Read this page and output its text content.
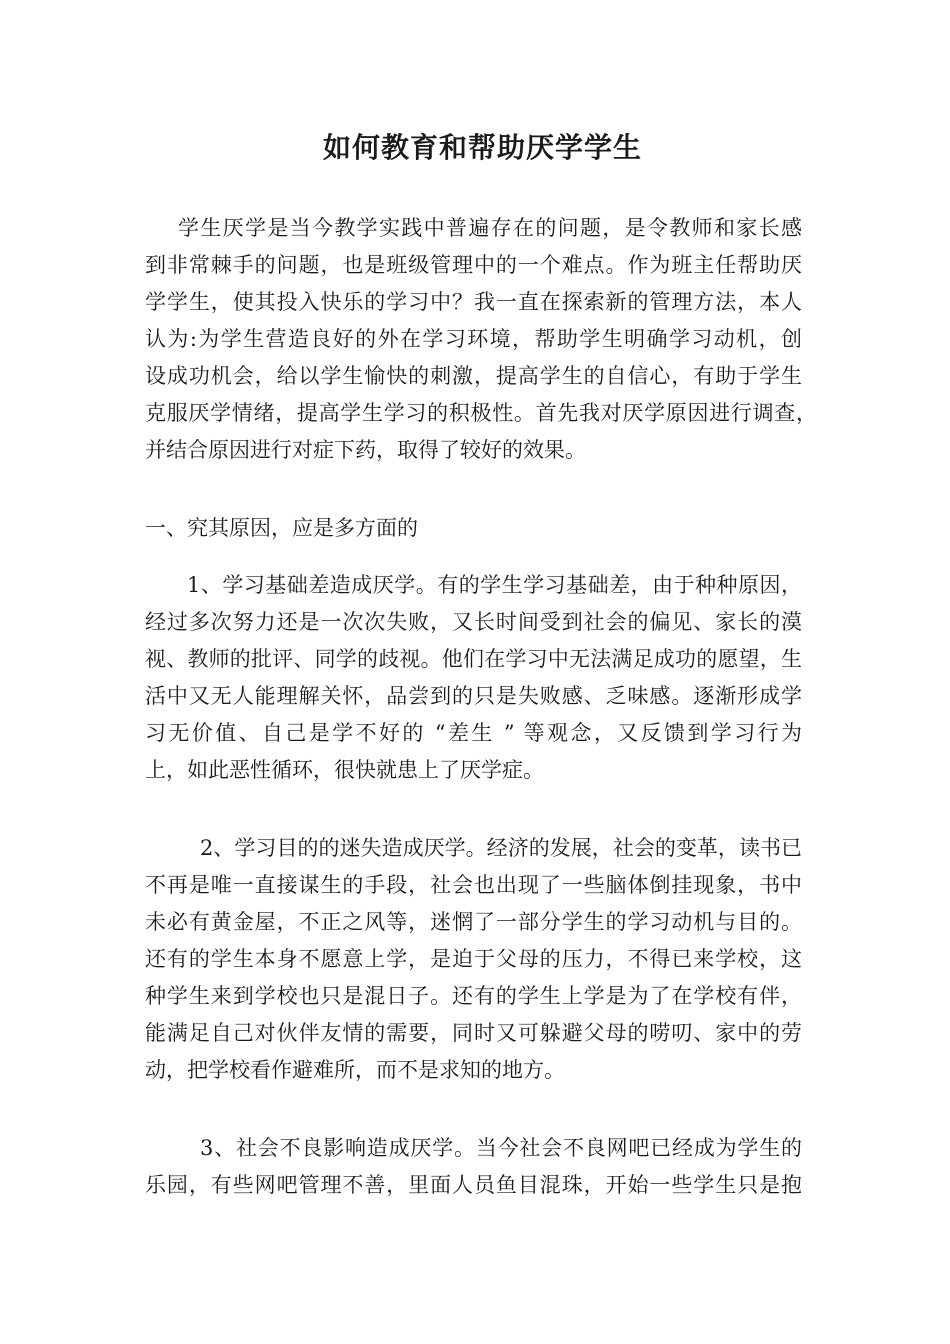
如何教育和帮助厌学学生
学生厌学是当今教学实践中普遍存在的问题，是令教师和家长感
到非常棘手的问题，也是班级管理中的一个难点。作为班主任帮助厌
学学生，使其投入快乐的学习中？我一直在探索新的管理方法，本人
认为:为学生营造良好的外在学习环境，帮助学生明确学习动机，创
设成功机会，给以学生愉快的刺激，提高学生的自信心，有助于学生
克服厌学情绪，提高学生学习的积极性。首先我对厌学原因进行调查，
并结合原因进行对症下药，取得了较好的效果。
一、究其原因，应是多方面的
1、学习基础差造成厌学。有的学生学习基础差，由于种种原因，
经过多次努力还是一次次失败，又长时间受到社会的偏见、家长的漠
视、教师的批评、同学的歧视。他们在学习中无法满足成功的愿望，生
活中又无人能理解关怀，品尝到的只是失败感、乏味感。逐渐形成学
习无价值、自己是学不好的 “差生 ” 等观念，又反馈到学习行为
上，如此恶性循环，很快就患上了厌学症。
2、学习目的的迷失造成厌学。经济的发展，社会的变革，读书已
不再是唯一直接谋生的手段，社会也出现了一些脑体倒挂现象，书中
未必有黄金屋，不正之风等，迷惘了一部分学生的学习动机与目的。
还有的学生本身不愿意上学，是迫于父母的压力，不得已来学校，这
种学生来到学校也只是混日子。还有的学生上学是为了在学校有伴，
能满足自己对伙伴友情的需要，同时又可躲避父母的唠叨、家中的劳
动，把学校看作避难所，而不是求知的地方。
3、社会不良影响造成厌学。当今社会不良网吧已经成为学生的
乐园，有些网吧管理不善，里面人员鱼目混珠，开始一些学生只是抱
